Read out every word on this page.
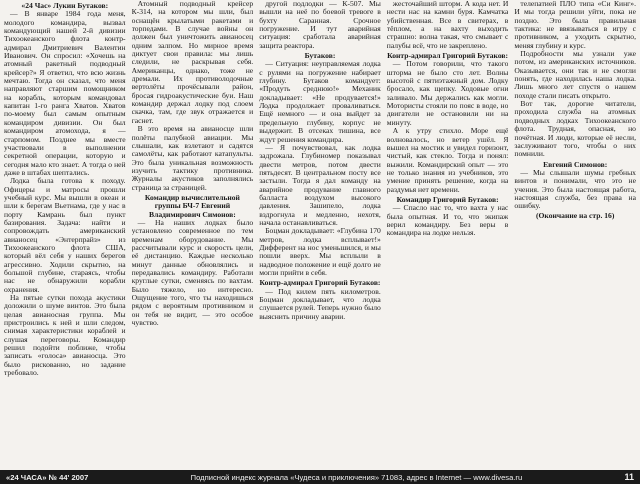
«24 Час» Лукин Бутаков:

— В январе 1984 года меня, молодого командира, вызвал командующий нашей 2-й дивизии Тихоокеанского флота контр-адмирал Дмитриевич Валентин Иванович. Он спросил: «Хочешь на атомный ракетный подводный крейсер?» Я ответил, что всю жизнь мечтаю. Тогда он сказал, что меня направляют старшим помощником на корабль, которым командовал капитан 1-го ранга Хватов. Хватов по-моему был самым опытным командиром дивизии. Он был командиром атомохода, я — старпомом. Позднее мы вместе участвовали в выполнении секретной операции, которую и сегодня мало кто знает. А тогда о ней даже в штабах шептались.

Лодка была готова к походу. Офицеры и матросы прошли учебный курс. Мы вышли в океан и шли к берегам Вьетнама, где у нас в порту Камрань был пункт базирования. Задача: найти и сопровождать американский авианосец «Энтерпрайз» из Тихоокеанского флота США, который вёл себя у наших берегов агрессивно. Ходили скрытно, на большой глубине, стараясь, чтобы нас не обнаружили корабли охранения.

На пятые сутки похода акустики доложили о шуме винтов. Это была целая авианосная группа. Мы пристроились к ней и шли следом, снимая характеристики кораблей и слушая переговоры. Командир решил подойти поближе, чтобы записать «голоса» авианосца. Это было рискованно, но задание требовало.

Атомный подводный крейсер К-314, на котором мы шли, был оснащён крылатыми ракетами и торпедами. В случае войны он должен был уничтожить авианосец одним залпом. Но мирное время диктует свои правила: мы лишь следили, не раскрывая себя. Американцы, однако, тоже не дремали. Их противолодочные вертолёты прочёсывали район, бросая гидроакустические буи. Наш командир держал лодку под слоем скачка, там, где звук отражается и гаснет.

В это время на авианосце шли полёты палубной авиации. Мы слышали, как взлетают и садятся самолёты, как работают катапульты. Это была уникальная возможность изучить тактику противника. Журналы акустиков заполнялись страница за страницей.

Командир вычислительной группы БЧ-7 Евгений Владимирович Симонов:

— На наших лодках было установлено современное по тем временам оборудование. Мы рассчитывали курс и скорость цели, её дистанцию. Каждые несколько минут данные обновлялись и передавались командиру. Работали круглые сутки, сменяясь по вахтам. Было тяжело, но интересно. Ощущение того, что ты находишься рядом с вероятным противником и он тебя не видит, — это особое чувство.

другой подлодки — К-507. Мы вышли на неё по боевой тревоге в бухту Саранная. Срочное погружение. И тут аварийная ситуация: сработала аварийная защита реактора.

Бутаков:

— Ситуация: неуправляемая лодка с рулями на погружение набирает глубину. Бутаков командует: «Продуть среднюю!» Механик докладывает: «Не продувается!» Лодка продолжает проваливаться. Ещё немного — и она выйдет за предельную глубину, корпус не выдержит. В отсеках тишина, все ждут решения командира.

— Я почувствовал, как лодка задрожала. Глубиномер показывал двести метров, потом двести пятьдесят. В центральном посту все застыли. Тогда я дал команду на аварийное продувание главного балласта воздухом высокого давления. Зашипело, лодка вздрогнула и медленно, нехотя, начала останавливаться.

Боцман докладывает: «Глубина 170 метров, лодка всплывает!» Дифферент на нос уменьшился, и мы пошли вверх. Мы всплыли в надводное положение и ещё долго не могли прийти в себя.

Контр-адмирал Григорий Бутаков:

— Под килем пять километров. Боцман докладывает, что лодка слушается рулей. Теперь нужно было выяснить причину аварии.

жесточайший шторм. А кода нет. И нести нас на камни буря. Камчатка убийственная. Все в свитерах, в тёплом, а на вахту выходить страшно: волна такая, что смывает с палубы всё, что не закреплено.

Контр-адмирал Григорий Бутаков:

— Потом говорили, что такого шторма не было сто лет. Волны высотой с пятиэтажный дом. Лодку бросало, как щепку. Ходовые огни заливало. Мы держались как могли. Мотористы стояли по пояс в воде, но двигатели не остановили ни на минуту.

А к утру стихло. Море ещё волновалось, но ветер ушёл. Я вышел на мостик и увидел горизонт, чистый, как стекло. Тогда и понял: выжили. Командирский опыт — это не только знания из учебников, это умение принять решение, когда на раздумья нет времени.

Командир Григорий Бутаков:

— Спасло нас то, что вахта у нас была опытная. И то, что экипаж верил командиру. Без веры в командира на лодке нельзя.

телепатией ПЛО типа «Си Кинг». И мы тогда решили уйти, пока не поздно. Это была правильная тактика: не ввязываться в игру с противником, а уходить скрытно, меняя глубину и курс.

Подробности мы узнали уже потом, из американских источников. Оказывается, они так и не смогли понять, где находилась наша лодка. Лишь много лет спустя о нашем походе стали писать открыто.

Вот так, дорогие читатели, проходила служба на атомных подводных лодках Тихоокеанского флота. Трудная, опасная, но почётная. И люди, которые её несли, заслуживают того, чтобы о них помнили.

Евгений Симонов:

— Мы слышали шумы гребных винтов и понимали, что это не учения. Это была настоящая работа, настоящая служба, без права на ошибку.

(Окончание на стр. 16)

«24 ЧАСА» № 44' 2007	Подписной индекс журнала «Чудеса и приключения» 71083, адрес в Internet — www.divesa.ru	11
